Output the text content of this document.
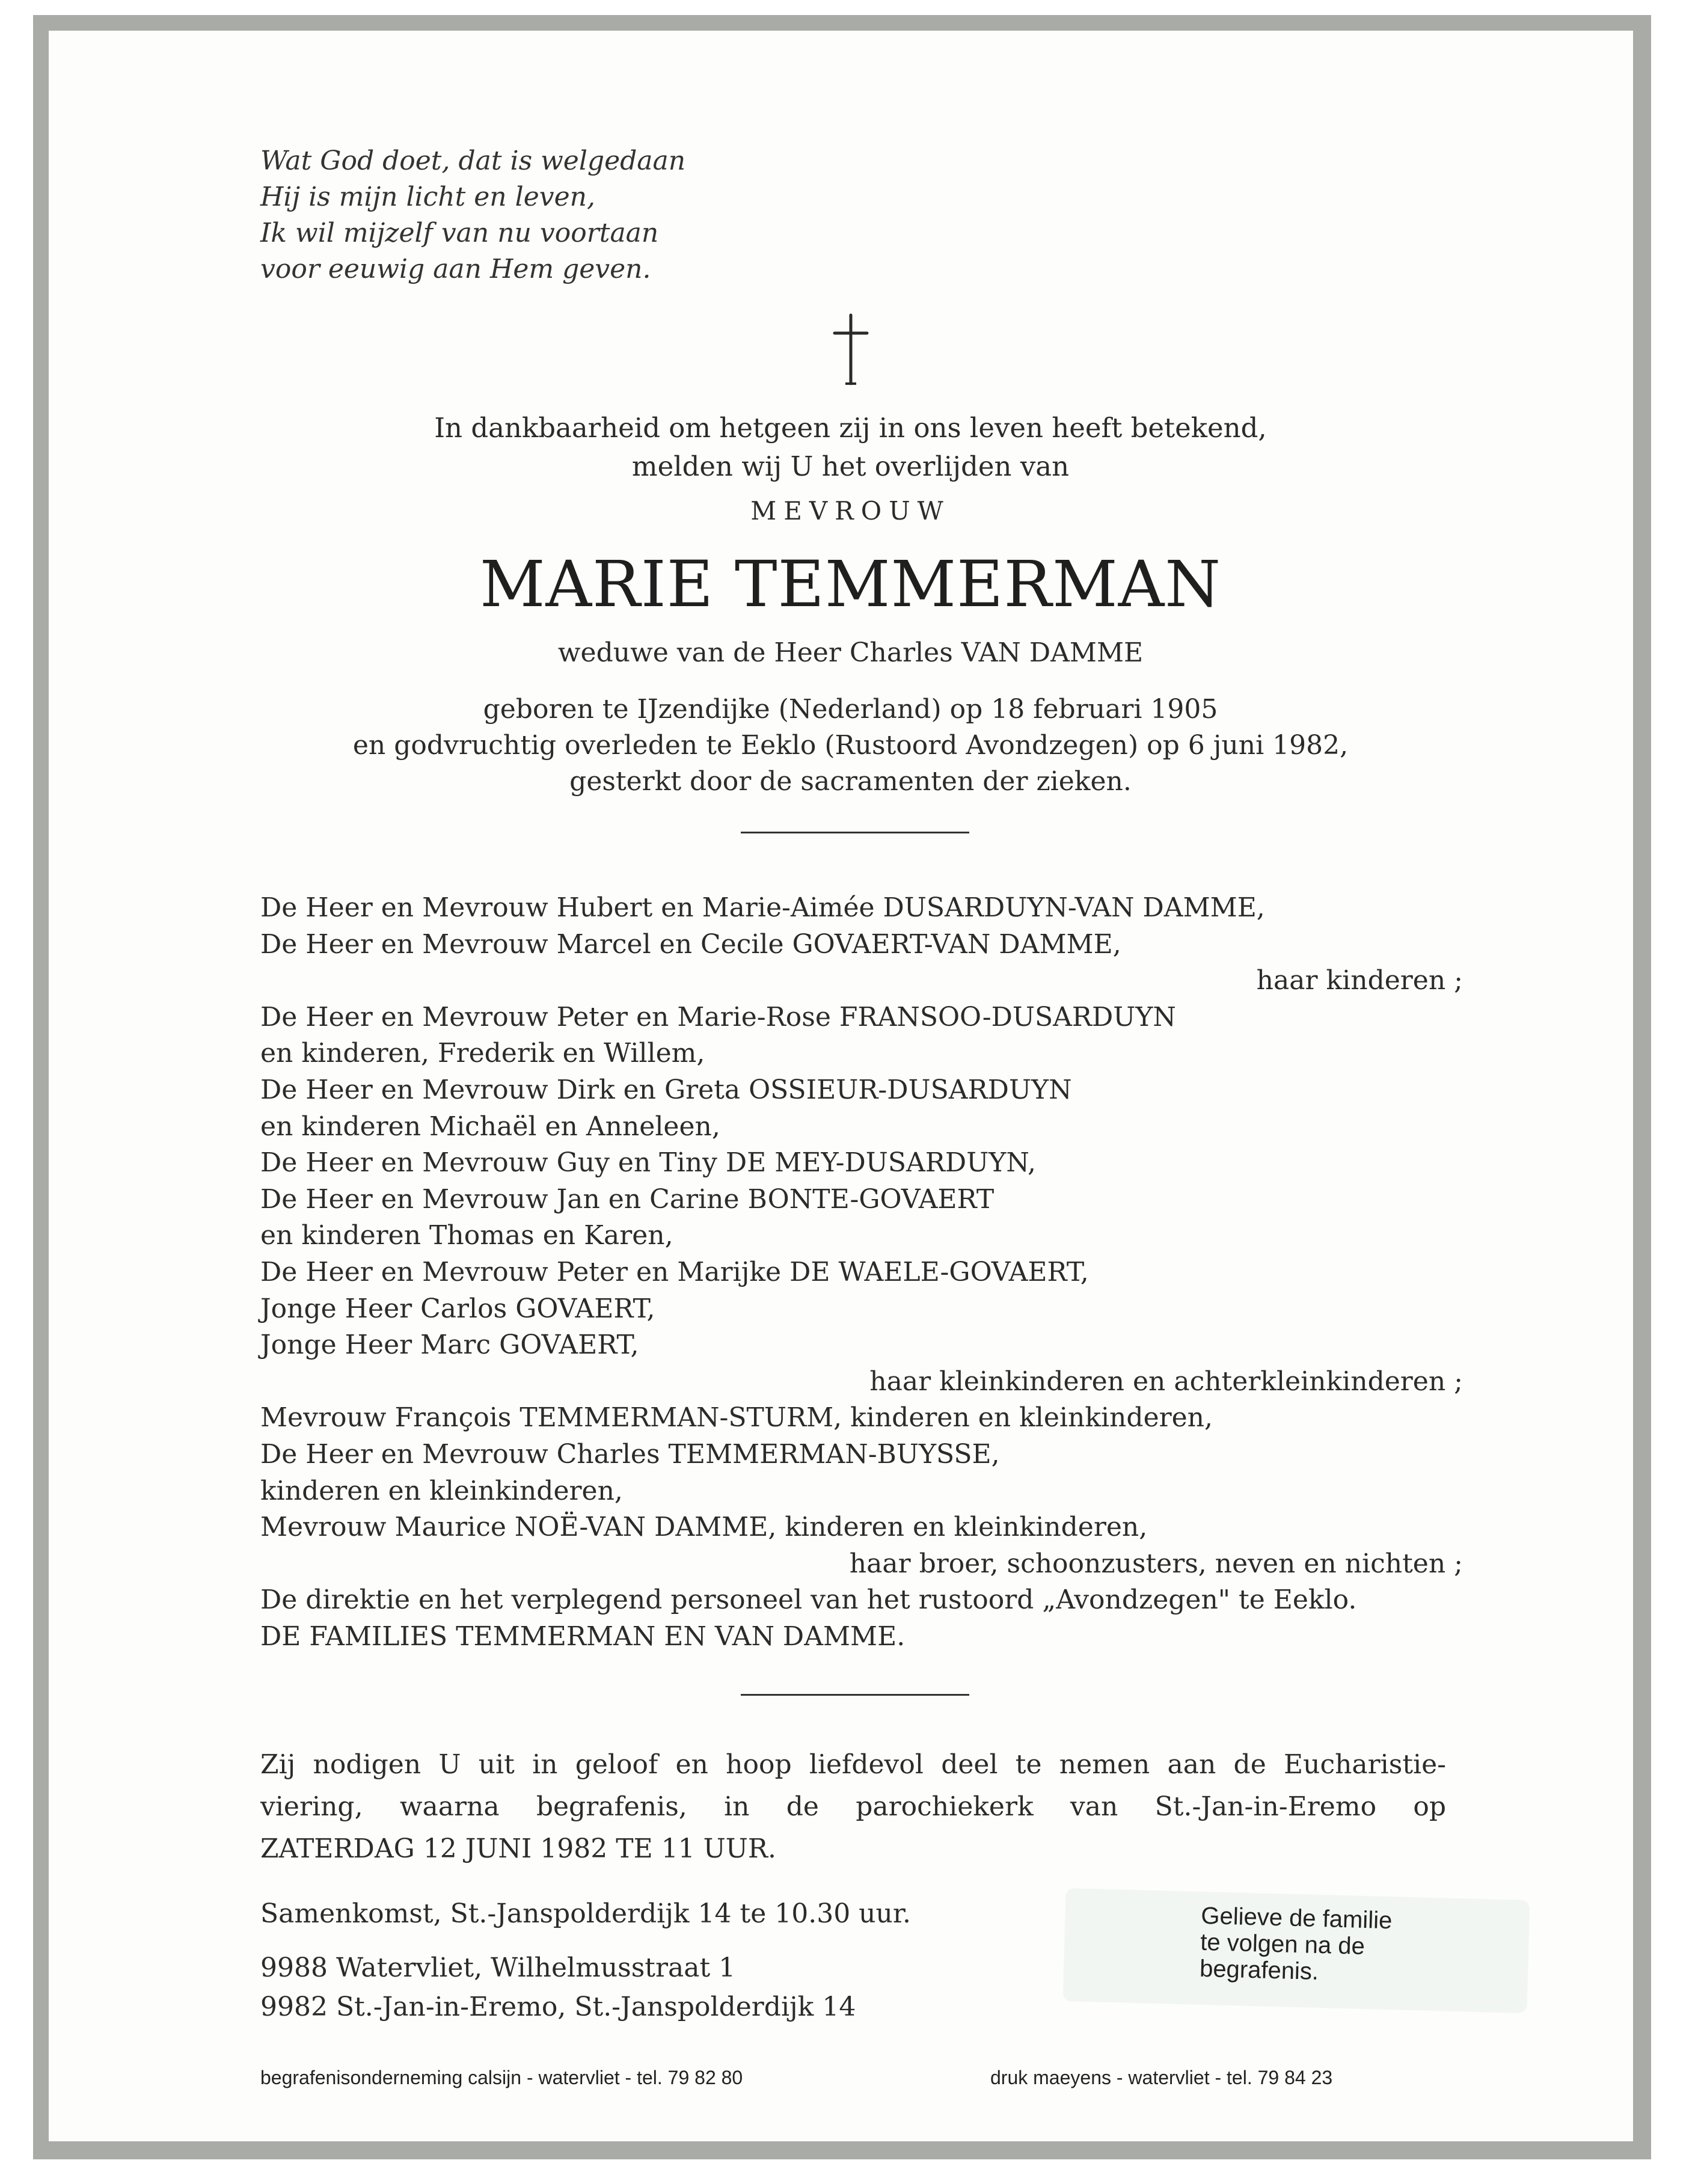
Wat God doet, dat is welgedaan
Hij is mijn licht en leven,
Ik wil mijzelf van nu voortaan
voor eeuwig aan Hem geven.
In dankbaarheid om hetgeen zij in ons leven heeft betekend,
melden wij U het overlijden van
MEVROUW
MARIE TEMMERMAN
weduwe van de Heer Charles VAN DAMME
geboren te IJzendijke (Nederland) op 18 februari 1905
en godvruchtig overleden te Eeklo (Rustoord Avondzegen) op 6 juni 1982,
gesterkt door de sacramenten der zieken.
De Heer en Mevrouw Hubert en Marie-Aimée DUSARDUYN-VAN DAMME,
De Heer en Mevrouw Marcel en Cecile GOVAERT-VAN DAMME,
haar kinderen ;
De Heer en Mevrouw Peter en Marie-Rose FRANSOO-DUSARDUYN
en kinderen, Frederik en Willem,
De Heer en Mevrouw Dirk en Greta OSSIEUR-DUSARDUYN
en kinderen Michaël en Anneleen,
De Heer en Mevrouw Guy en Tiny DE MEY-DUSARDUYN,
De Heer en Mevrouw Jan en Carine BONTE-GOVAERT
en kinderen Thomas en Karen,
De Heer en Mevrouw Peter en Marijke DE WAELE-GOVAERT,
Jonge Heer Carlos GOVAERT,
Jonge Heer Marc GOVAERT,
haar kleinkinderen en achterkleinkinderen ;
Mevrouw François TEMMERMAN-STURM, kinderen en kleinkinderen,
De Heer en Mevrouw Charles TEMMERMAN-BUYSSE,
kinderen en kleinkinderen,
Mevrouw Maurice NOË-VAN DAMME, kinderen en kleinkinderen,
haar broer, schoonzusters, neven en nichten ;
De direktie en het verplegend personeel van het rustoord „Avondzegen" te Eeklo.
DE FAMILIES TEMMERMAN EN VAN DAMME.
Zij nodigen U uit in geloof en hoop liefdevol deel te nemen aan de Eucharistie-
viering, waarna begrafenis, in de parochiekerk van St.-Jan-in-Eremo op
ZATERDAG 12 JUNI 1982 TE 11 UUR.
Samenkomst, St.-Janspolderdijk 14 te 10.30 uur.
9988 Watervliet, Wilhelmusstraat 1
9982 St.-Jan-in-Eremo, St.-Janspolderdijk 14
Gelieve de familie
te volgen na de
begrafenis.
begrafenisonderneming calsijn - watervliet - tel. 79 82 80	druk maeyens - watervliet - tel. 79 84 23
